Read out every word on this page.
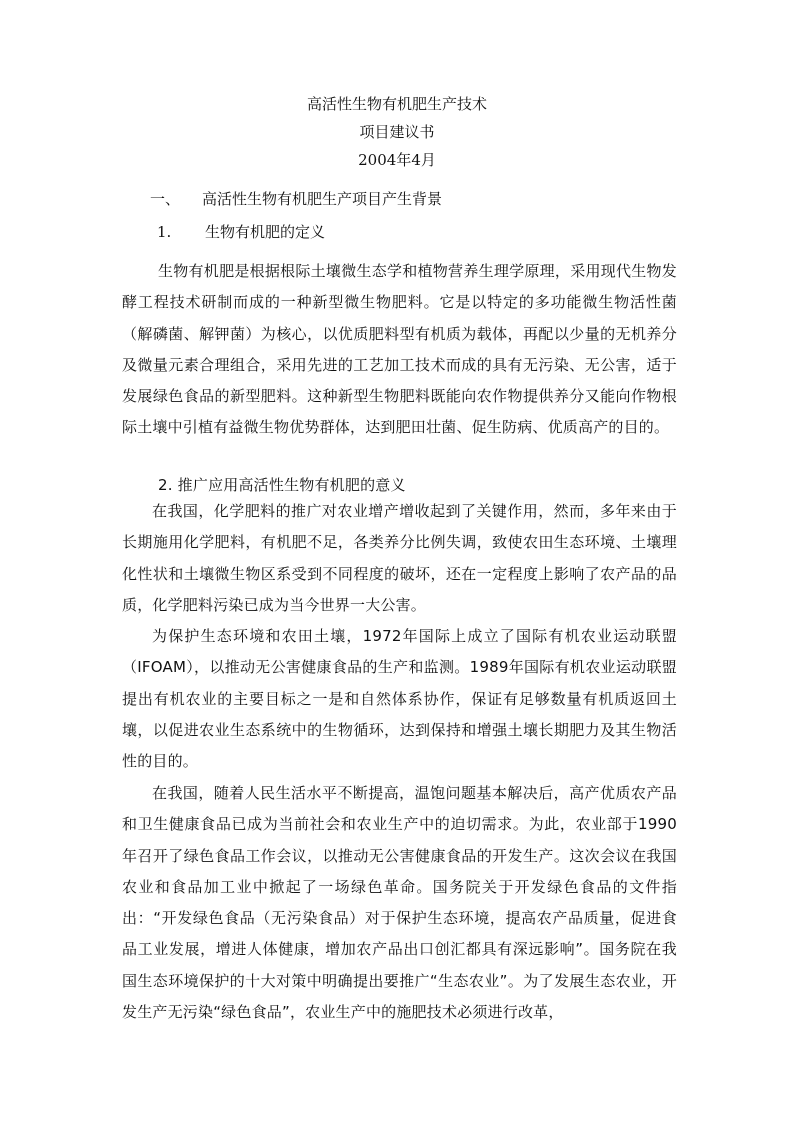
高活性生物有机肥生产技术
项目建议书
2004年4月
一、 高活性生物有机肥生产项目产生背景
1. 生物有机肥的定义
生物有机肥是根据根际土壤微生态学和植物营养生理学原理，采用现代生物发酵工程技术研制而成的一种新型微生物肥料。它是以特定的多功能微生物活性菌（解磷菌、解钾菌）为核心，以优质肥料型有机质为载体，再配以少量的无机养分及微量元素合理组合，采用先进的工艺加工技术而成的具有无污染、无公害，适于发展绿色食品的新型肥料。这种新型生物肥料既能向农作物提供养分又能向作物根际土壤中引植有益微生物优势群体，达到肥田壮菌、促生防病、优质高产的目的。
2. 推广应用高活性生物有机肥的意义
在我国，化学肥料的推广对农业增产增收起到了关键作用，然而，多年来由于长期施用化学肥料，有机肥不足，各类养分比例失调，致使农田生态环境、土壤理化性状和土壤微生物区系受到不同程度的破坏，还在一定程度上影响了农产品的品质，化学肥料污染已成为当今世界一大公害。
为保护生态环境和农田土壤，1972年国际上成立了国际有机农业运动联盟（IFOAM），以推动无公害健康食品的生产和监测。1989年国际有机农业运动联盟提出有机农业的主要目标之一是和自然体系协作，保证有足够数量有机质返回土壤，以促进农业生态系统中的生物循环，达到保持和增强土壤长期肥力及其生物活性的目的。
在我国，随着人民生活水平不断提高，温饱问题基本解决后，高产优质农产品和卫生健康食品已成为当前社会和农业生产中的迫切需求。为此，农业部于1990年召开了绿色食品工作会议，以推动无公害健康食品的开发生产。这次会议在我国农业和食品加工业中掀起了一场绿色革命。国务院关于开发绿色食品的文件指出：“开发绿色食品（无污染食品）对于保护生态环境，提高农产品质量，促进食品工业发展，增进人体健康，增加农产品出口创汇都具有深远影响”。国务院在我国生态环境保护的十大对策中明确提出要推广“生态农业”。为了发展生态农业，开发生产无污染“绿色食品”，农业生产中的施肥技术必须进行改革，
